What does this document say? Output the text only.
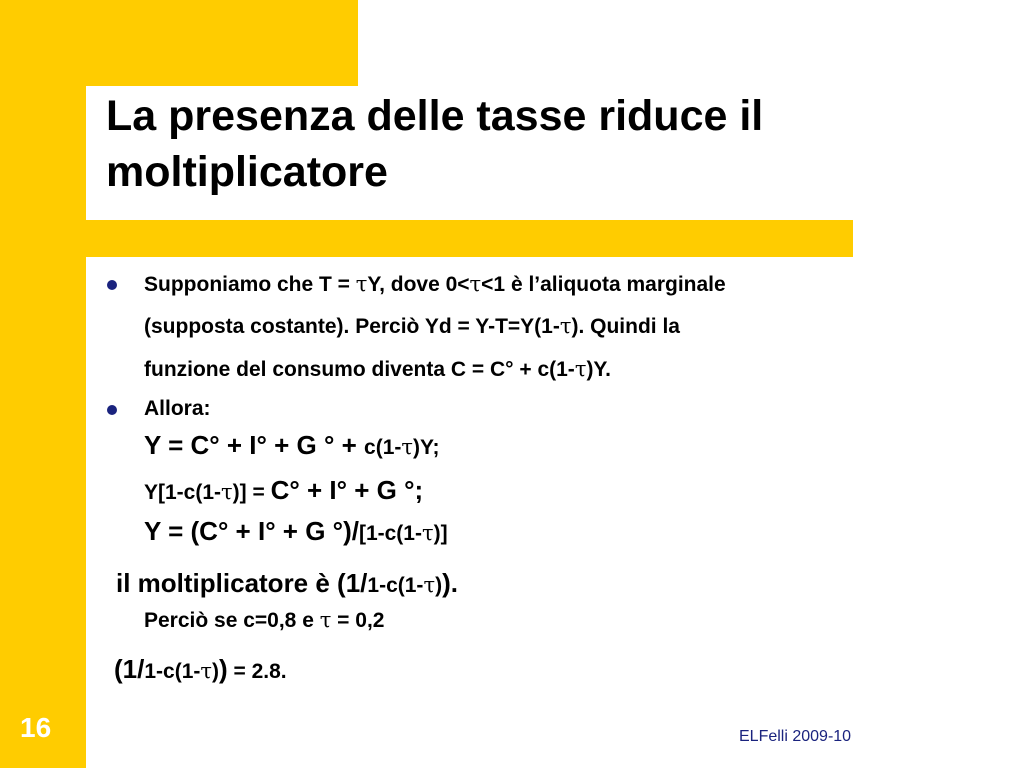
La presenza delle tasse riduce il
moltiplicatore
Supponiamo che T = τY, dove 0<τ<1 è l’aliquota marginale
(supposta costante). Perciò Yd = Y-T=Y(1-τ). Quindi la
funzione del consumo diventa C = C° + c(1-τ)Y.
Allora:
Y = C° + I° + G ° + c(1-τ)Y;
Y[1-c(1-τ)] = C° + I° + G °;
Y = (C° + I° + G °)/[1-c(1-τ)]
il moltiplicatore è (1/1-c(1-τ)).
Perciò se c=0,8 e τ = 0,2
(1/1-c(1-τ)) = 2.8.
16	ELFelli 2009-10
